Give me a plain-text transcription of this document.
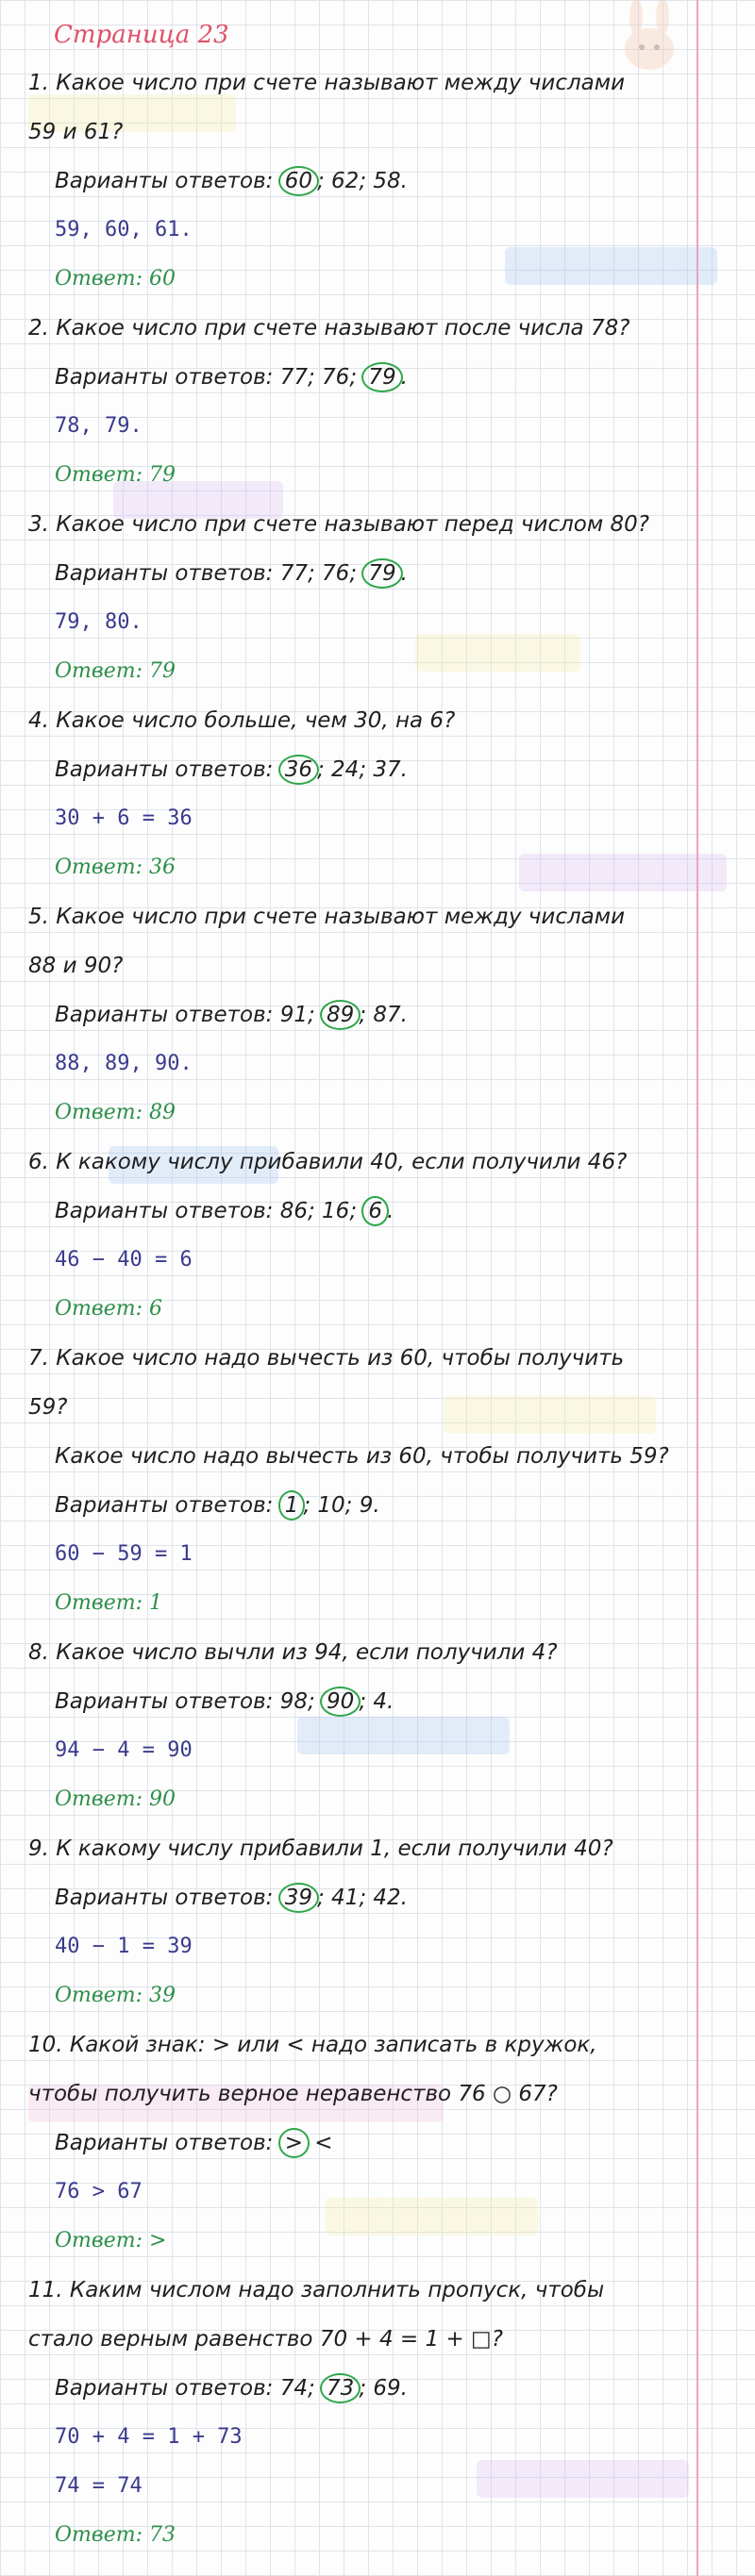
Страница 23
1. Какое число при счете называют между числами
59 и 61?
Варианты ответов: 60 ; 62; 58.
59, 60, 61.
Ответ: 60
2. Какое число при счете называют после числа 78?
Варианты ответов: 77; 76; 79 .
78, 79.
Ответ: 79
3. Какое число при счете называют перед числом 80?
Варианты ответов: 77; 76; 79 .
79, 80.
Ответ: 79
4. Какое число больше, чем 30, на 6?
Варианты ответов: 36 ; 24; 37.
30 + 6 = 36
Ответ: 36
5. Какое число при счете называют между числами
88 и 90?
Варианты ответов: 91; 89 ; 87.
88, 89, 90.
Ответ: 89
6. К какому числу прибавили 40, если получили 46?
Варианты ответов: 86; 16; 6 .
46 − 40 = 6
Ответ: 6
7. Какое число надо вычесть из 60, чтобы получить
59?
Какое число надо вычесть из 60, чтобы получить 59?
Варианты ответов: 1 ; 10; 9.
60 − 59 = 1
Ответ: 1
8. Какое число вычли из 94, если получили 4?
Варианты ответов: 98; 90 ; 4.
94 − 4 = 90
Ответ: 90
9. К какому числу прибавили 1, если получили 40?
Варианты ответов: 39 ; 41; 42.
40 − 1 = 39
Ответ: 39
10. Какой знак: > или < надо записать в кружок,
чтобы получить верное неравенство 76 ○ 67?
Варианты ответов: > <
76 > 67
Ответ: >
11. Каким числом надо заполнить пропуск, чтобы
стало верным равенство 70 + 4 = 1 + □?
Варианты ответов: 74; 73 ; 69.
70 + 4 = 1 + 73
74 = 74
Ответ: 73
